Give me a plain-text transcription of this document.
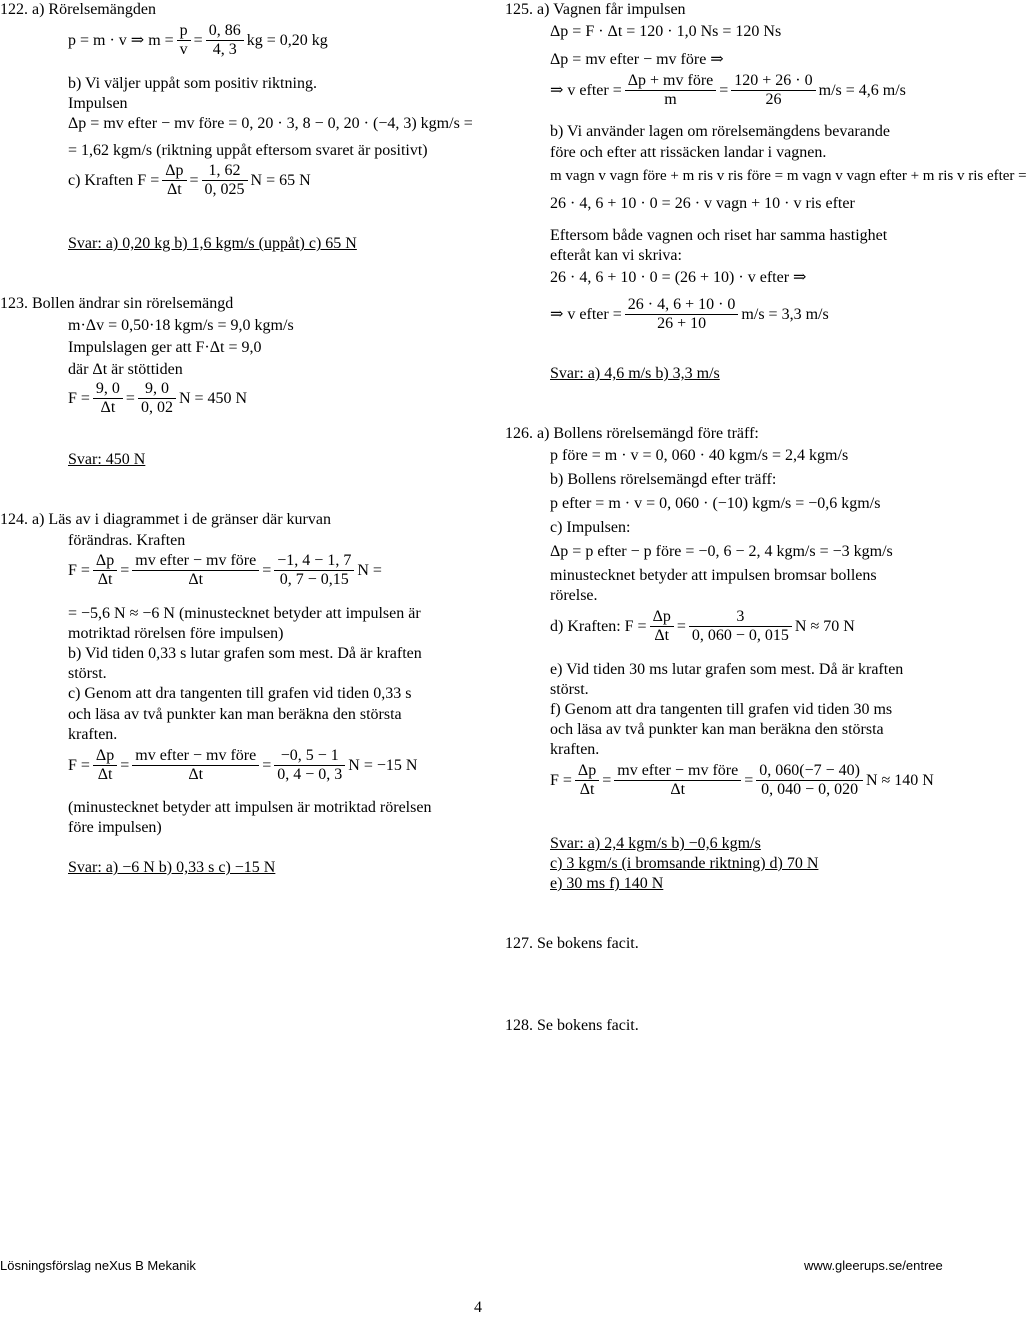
122. a) Rörelsemängden
p = m · v ⇒ $m = \frac{p}{v} = \frac{0, 86}{4, 3}$ kg = 0,20 kg
b) Vi väljer uppåt som positiv riktning.
Impulsen
Δp = mv efter − mv före = 0, 20 · 3, 8 − 0, 20 · (−4, 3) kgm/s =
= 1,62 kgm/s (riktning uppåt eftersom svaret är positivt)
c) Kraften $F = \frac{\Delta p}{\Delta t} = \frac{1, 62}{0, 025}$ N = 65 N
Svar: a) 0,20 kg b) 1,6 kgm/s (uppåt) c) 65 N
123. Bollen ändrar sin rörelsemängd
m·Δv = 0,50·18 kgm/s = 9,0 kgm/s
Impulslagen ger att F·Δt = 9,0
där Δt är stöttiden
$F = \frac{9, 0}{\Delta t} = \frac{9, 0}{0, 02}$ N = 450 N
Svar: 450 N
124. a) Läs av i diagrammet i de gränser där kurvan
förändras. Kraften
$F = \frac{\Delta p}{\Delta t} = \frac{\text{mv efter − mv före}}{\Delta t} = \frac{-1, 4 - 1, 7}{0, 7 - 0,15}$ N =
= −5,6 N ≈ −6 N (minustecknet betyder att impulsen är
motriktad rörelsen före impulsen)
b) Vid tiden 0,33 s lutar grafen som mest. Då är kraften
störst.
c) Genom att dra tangenten till grafen vid tiden 0,33 s
och läsa av två punkter kan man beräkna den största
kraften.
$F = \frac{\Delta p}{\Delta t} = \frac{\text{mv efter − mv före}}{\Delta t} = \frac{-0, 5 - 1}{0, 4 - 0, 3}$ N = −15 N
(minustecknet betyder att impulsen är motriktad rörelsen
före impulsen)
Svar: a) −6 N b) 0,33 s c) −15 N
125. a) Vagnen får impulsen
Δp = F · Δt = 120 · 1,0 Ns = 120 Ns
Δp = mv efter − mv före ⇒
⇒ v efter = $\frac{\text{Δp + mv före}}{m} = \frac{120 + 26 \cdot 0}{26} m/s = 4,6$ m/s
b) Vi använder lagen om rörelsemängdens bevarande
före och efter att rissäcken landar i vagnen.
m vagn v vagn före + m ris v ris före = m vagn v vagn efter + m ris v ris efter =
26 · 4, 6 + 10 · 0 = 26 · v vagn + 10 · v ris efter
Eftersom både vagnen och riset har samma hastighet
efteråt kan vi skriva:
26 · 4, 6 + 10 · 0 = (26 + 10) · v efter ⇒
⇒ v efter = $\frac{26 \cdot 4, 6 + 10 \cdot 0}{26 + 10} m/s = 3,3$ m/s
Svar: a) 4,6 m/s b) 3,3 m/s
126. a) Bollens rörelsemängd före träff:
p före = m · v = 0, 060 · 40 kgm/s = 2,4 kgm/s
b) Bollens rörelsemängd efter träff:
p efter = m · v = 0, 060 · (−10) kgm/s = −0,6 kgm/s
c) Impulsen:
Δp = p efter − p före = −0, 6 − 2, 4 kgm/s = −3 kgm/s
minustecknet betyder att impulsen bromsar bollens
rörelse.
d) Kraften: $F = \frac{\Delta p}{\Delta t} = \frac{3}{0, 060 - 0, 015}$ N ≈ 70 N
e) Vid tiden 30 ms lutar grafen som mest. Då är kraften
störst.
f) Genom att dra tangenten till grafen vid tiden 30 ms
och läsa av två punkter kan man beräkna den största
kraften.
$F = \frac{\Delta p}{\Delta t} = \frac{\text{mv efter − mv före}}{\Delta t} = \frac{0, 060(-7 - 40)}{0, 040 - 0, 020}$ N ≈ 140 N
Svar: a) 2,4 kgm/s b) −0,6 kgm/s
c) 3 kgm/s (i bromsande riktning) d) 70 N
e) 30 ms f) 140 N
127. Se bokens facit.
128. Se bokens facit.
Lösningsförslag neXus B Mekanik	www.gleerups.se/entree
4
